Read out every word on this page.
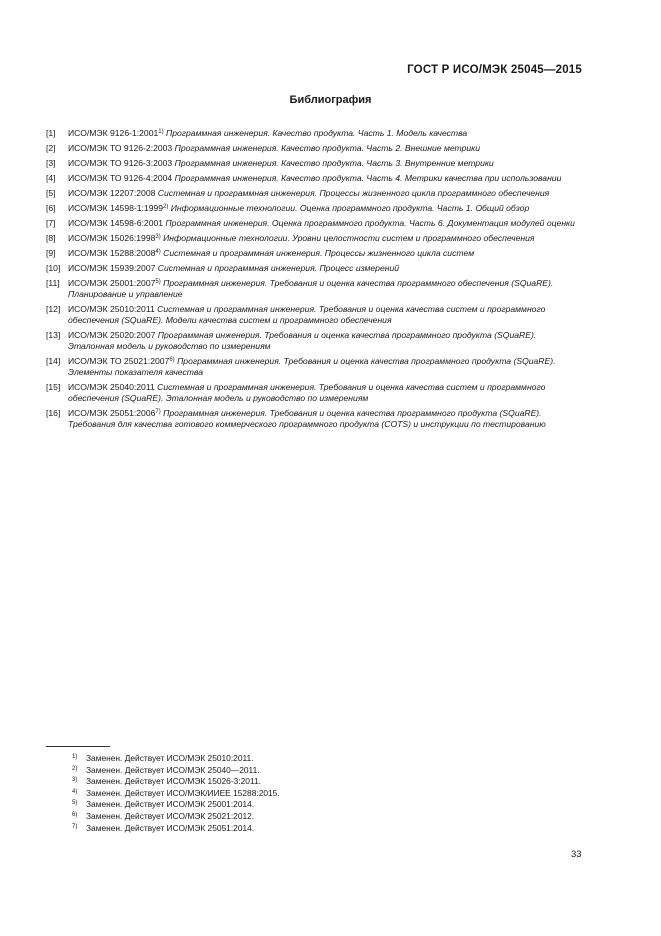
ГОСТ Р ИСО/МЭК 25045—2015
Библиография
[1]	ИСО/МЭК 9126-1:2001$^{1)}$ Программная инженерия. Качество продукта. Часть 1. Модель качества
[2]	ИСО/МЭК ТО 9126-2:2003 Программная инженерия. Качество продукта. Часть 2. Внешние метрики
[3]	ИСО/МЭК ТО 9126-3:2003 Программная инженерия. Качество продукта. Часть 3. Внутренние метрики
[4]	ИСО/МЭК ТО 9126-4:2004 Программная инженерия. Качество продукта. Часть 4. Метрики качества при использовании
[5]	ИСО/МЭК 12207:2008 Системная и программная инженерия. Процессы жизненного цикла программного обеспечения
[6]	ИСО/МЭК 14598-1:1999$^{2)}$ Информационные технологии. Оценка программного продукта. Часть 1. Общий обзор
[7]	ИСО/МЭК 14598-6:2001 Программная инженерия. Оценка программного продукта. Часть 6. Документация модулей оценки
[8]	ИСО/МЭК 15026:1998$^{3)}$ Информационные технологии. Уровни целостности систем и программного обеспечения
[9]	ИСО/МЭК 15288:2008$^{4)}$ Системная и программная инженерия. Процессы жизненного цикла систем
[10] ИСО/МЭК 15939:2007 Системная и программная инженерия. Процесс измерений
[11] ИСО/МЭК 25001:2007$^{5)}$ Программная инженерия. Требования и оценка качества программного обеспечения (SQuaRE). Планирование и управление
[12] ИСО/МЭК 25010:2011 Системная и программная инженерия. Требования и оценка качества систем и программного обеспечения (SQuaRE). Модели качества систем и программного обеспечения
[13] ИСО/МЭК 25020:2007 Программная инженерия. Требования и оценка качества программного продукта (SQuaRE). Эталонная модель и руководство по измерениям
[14] ИСО/МЭК ТО 25021:2007$^{6)}$ Программная инженерия. Требования и оценка качества программного продукта (SQuaRE). Элементы показателя качества
[15] ИСО/МЭК 25040:2011 Системная и программная инженерия. Требования и оценка качества систем и программного обеспечения (SQuaRE). Эталонная модель и руководство по измерениям
[16] ИСО/МЭК 25051:2006$^{7)}$ Программная инженерия. Требования и оценка качества программного продукта (SQuaRE). Требования для качества готового коммерческого программного продукта (COTS) и инструкции по тестированию
1)	Заменен. Действует ИСО/МЭК 25010:2011.
2)	Заменен. Действует ИСО/МЭК 25040—2011.
3)	Заменен. Действует ИСО/МЭК 15026-3:2011.
4)	Заменен. Действует ИСО/МЭК/ИИЕЕ 15288:2015.
5)	Заменен. Действует ИСО/МЭК 25001:2014.
6)	Заменен. Действует ИСО/МЭК 25021:2012.
7)	Заменен. Действует ИСО/МЭК 25051:2014.
33
